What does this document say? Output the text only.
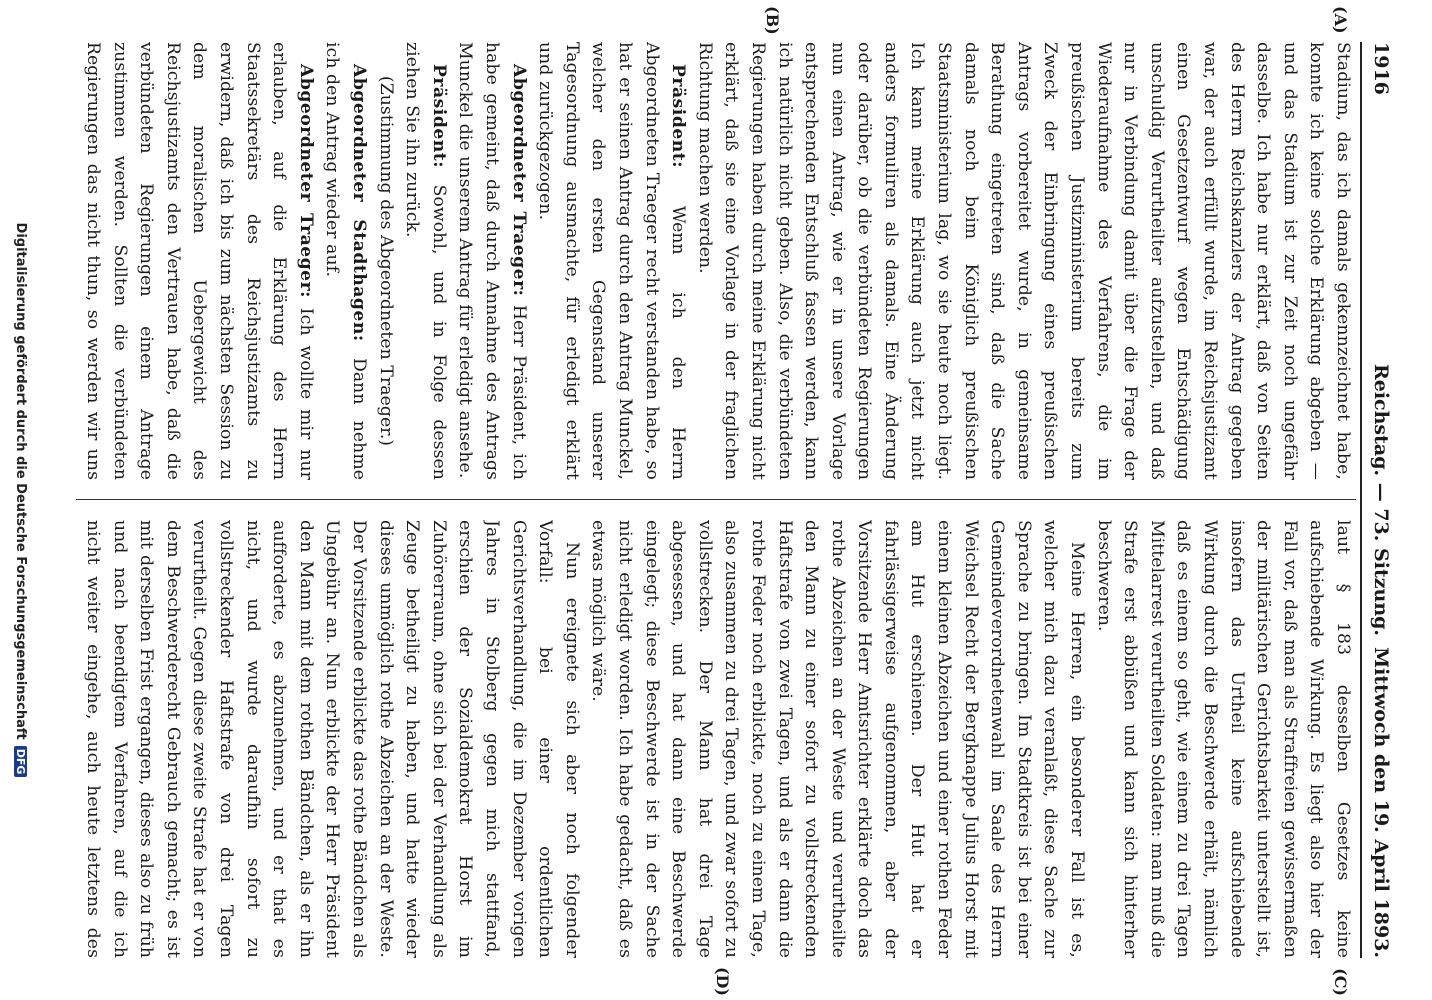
1916
Reichstag. — 73. Sitzung.
Mittwoch den 19. April 1893.
(A)
(B)
(C)
(D)

Stadium, das ich damals gekennzeichnet habe, konnte ich keine solche Erklärung abgeben — und das Stadium ist zur Zeit noch ungefähr dasselbe. Ich habe nur erklärt, daß von Seiten des Herrn Reichskanzlers der Antrag gegeben war, der auch erfüllt wurde, im Reichsjustizamt einen Gesetzentwurf wegen Entschädigung unschuldig Verurtheilter aufzustellen, und daß nur in Verbindung damit über die Frage der Wiederaufnahme des Verfahrens, die im preußischen Justizministerium bereits zum Zweck der Einbringung eines preußischen Antrags vorbereitet wurde, in gemeinsame Berathung eingetreten sind, daß die Sache damals noch beim Königlich preußischen Staatsministerium lag, wo sie heute noch liegt. Ich kann meine Erklärung auch jetzt nicht anders formuliren als damals. Eine Änderung oder darüber, ob die verbündeten Regierungen nun einen Antrag, wie er in unsere Vorlage entsprechenden Entschluß fassen werden, kann ich natürlich nicht geben. Also, die verbündeten Regierungen haben durch meine Erklärung nicht erklärt, daß sie eine Vorlage in der fraglichen Richtung machen werden.

Präsident: Wenn ich den Herrn Abgeordneten Traeger recht verstanden habe, so hat er seinen Antrag durch den Antrag Munckel, welcher den ersten Gegenstand unserer Tagesordnung ausmachte, für erledigt erklärt und zurückgezogen.

Abgeordneter Traeger: Herr Präsident, ich habe gemeint, daß durch Annahme des Antrags Munckel die unserem Antrag für erledigt ansehe.

Präsident: Sowohl, und in Folge dessen ziehen Sie ihn zurück.

(Zustimmung des Abgeordneten Traeger.)

Abgeordneter Stadthagen: Dann nehme ich den Antrag wieder auf.

Abgeordneter Traeger: Ich wollte mir nur erlauben, auf die Erklärung des Herrn Staatssekretärs des Reichsjustizamts zu erwidern, daß ich bis zum nächsten Session zu dem moralischen Uebergewicht des Reichsjustizamts den Vertrauen habe, daß die verbündeten Regierungen einem Antrage zustimmen werden. Sollten die verbündeten Regierungen das nicht thun, so werden wir uns

laut § 183 desselben Gesetzes keine aufschiebende Wirkung. Es liegt also hier der Fall vor, daß man als Straffreien gewissermaßen der militärischen Gerichtsbarkeit unterstellt ist, insofern das Urtheil keine aufschiebende Wirkung durch die Beschwerde erhält, nämlich daß es einem so geht, wie einem zu drei Tagen Mittelarrest verurtheilten Soldaten: man muß die Strafe erst abbüßen und kann sich hinterher beschweren.

Meine Herren, ein besonderer Fall ist es, welcher mich dazu veranlaßt, diese Sache zur Sprache zu bringen. Im Stadtkreis ist bei einer Gemeindeverordnetenwahl im Saale des Herrn Weichsel Recht der Bergknappe Julius Horst mit einem kleinen Abzeichen und einer rothen Feder am Hut erschienen. Der Hut hat er fahrlässigerweise aufgenommen, aber der Vorsitzende Herr Amtsrichter erklärte doch das rothe Abzeichen an der Weste und verurtheilte den Mann zu einer sofort zu vollstreckenden Haftstrafe von zwei Tagen, und als er dann die rothe Feder noch erblickte, noch zu einem Tage, also zusammen zu drei Tagen, und zwar sofort zu vollstrecken. Der Mann hat drei Tage abgesessen, und hat dann eine Beschwerde eingelegt; diese Beschwerde ist in der Sache nicht erledigt worden. Ich habe gedacht, daß es etwas möglich wäre.

Nun ereignete sich aber noch folgender Vorfall: bei einer ordentlichen Gerichtsverhandlung, die im Dezember vorigen Jahres in Stolberg gegen mich stattfand, erschien der Sozialdemokrat Horst im Zuhörerraum, ohne sich bei der Verhandlung als Zeuge betheiligt zu haben, und hatte wieder dieses unmöglich rothe Abzeichen an der Weste. Der Vorsitzende erblickte das rothe Bändchen als Ungebühr an. Nun erblickte der Herr Präsident den Mann mit dem rothen Bändchen, als er ihn aufforderte, es abzunehmen, und er that es nicht, und wurde daraufhin sofort zu vollstreckender Haftstrafe von drei Tagen verurtheilt. Gegen diese zweite Strafe hat er von dem Beschwerderecht Gebrauch gemacht; es ist mit derselben Frist ergangen, dieses also zu früh und nach beendigtem Verfahren, auf die ich nicht weiter eingehe, auch heute letztens des

Digitalisierung gefördert durch die Deutsche ForschungsgemeinschaftDFG
